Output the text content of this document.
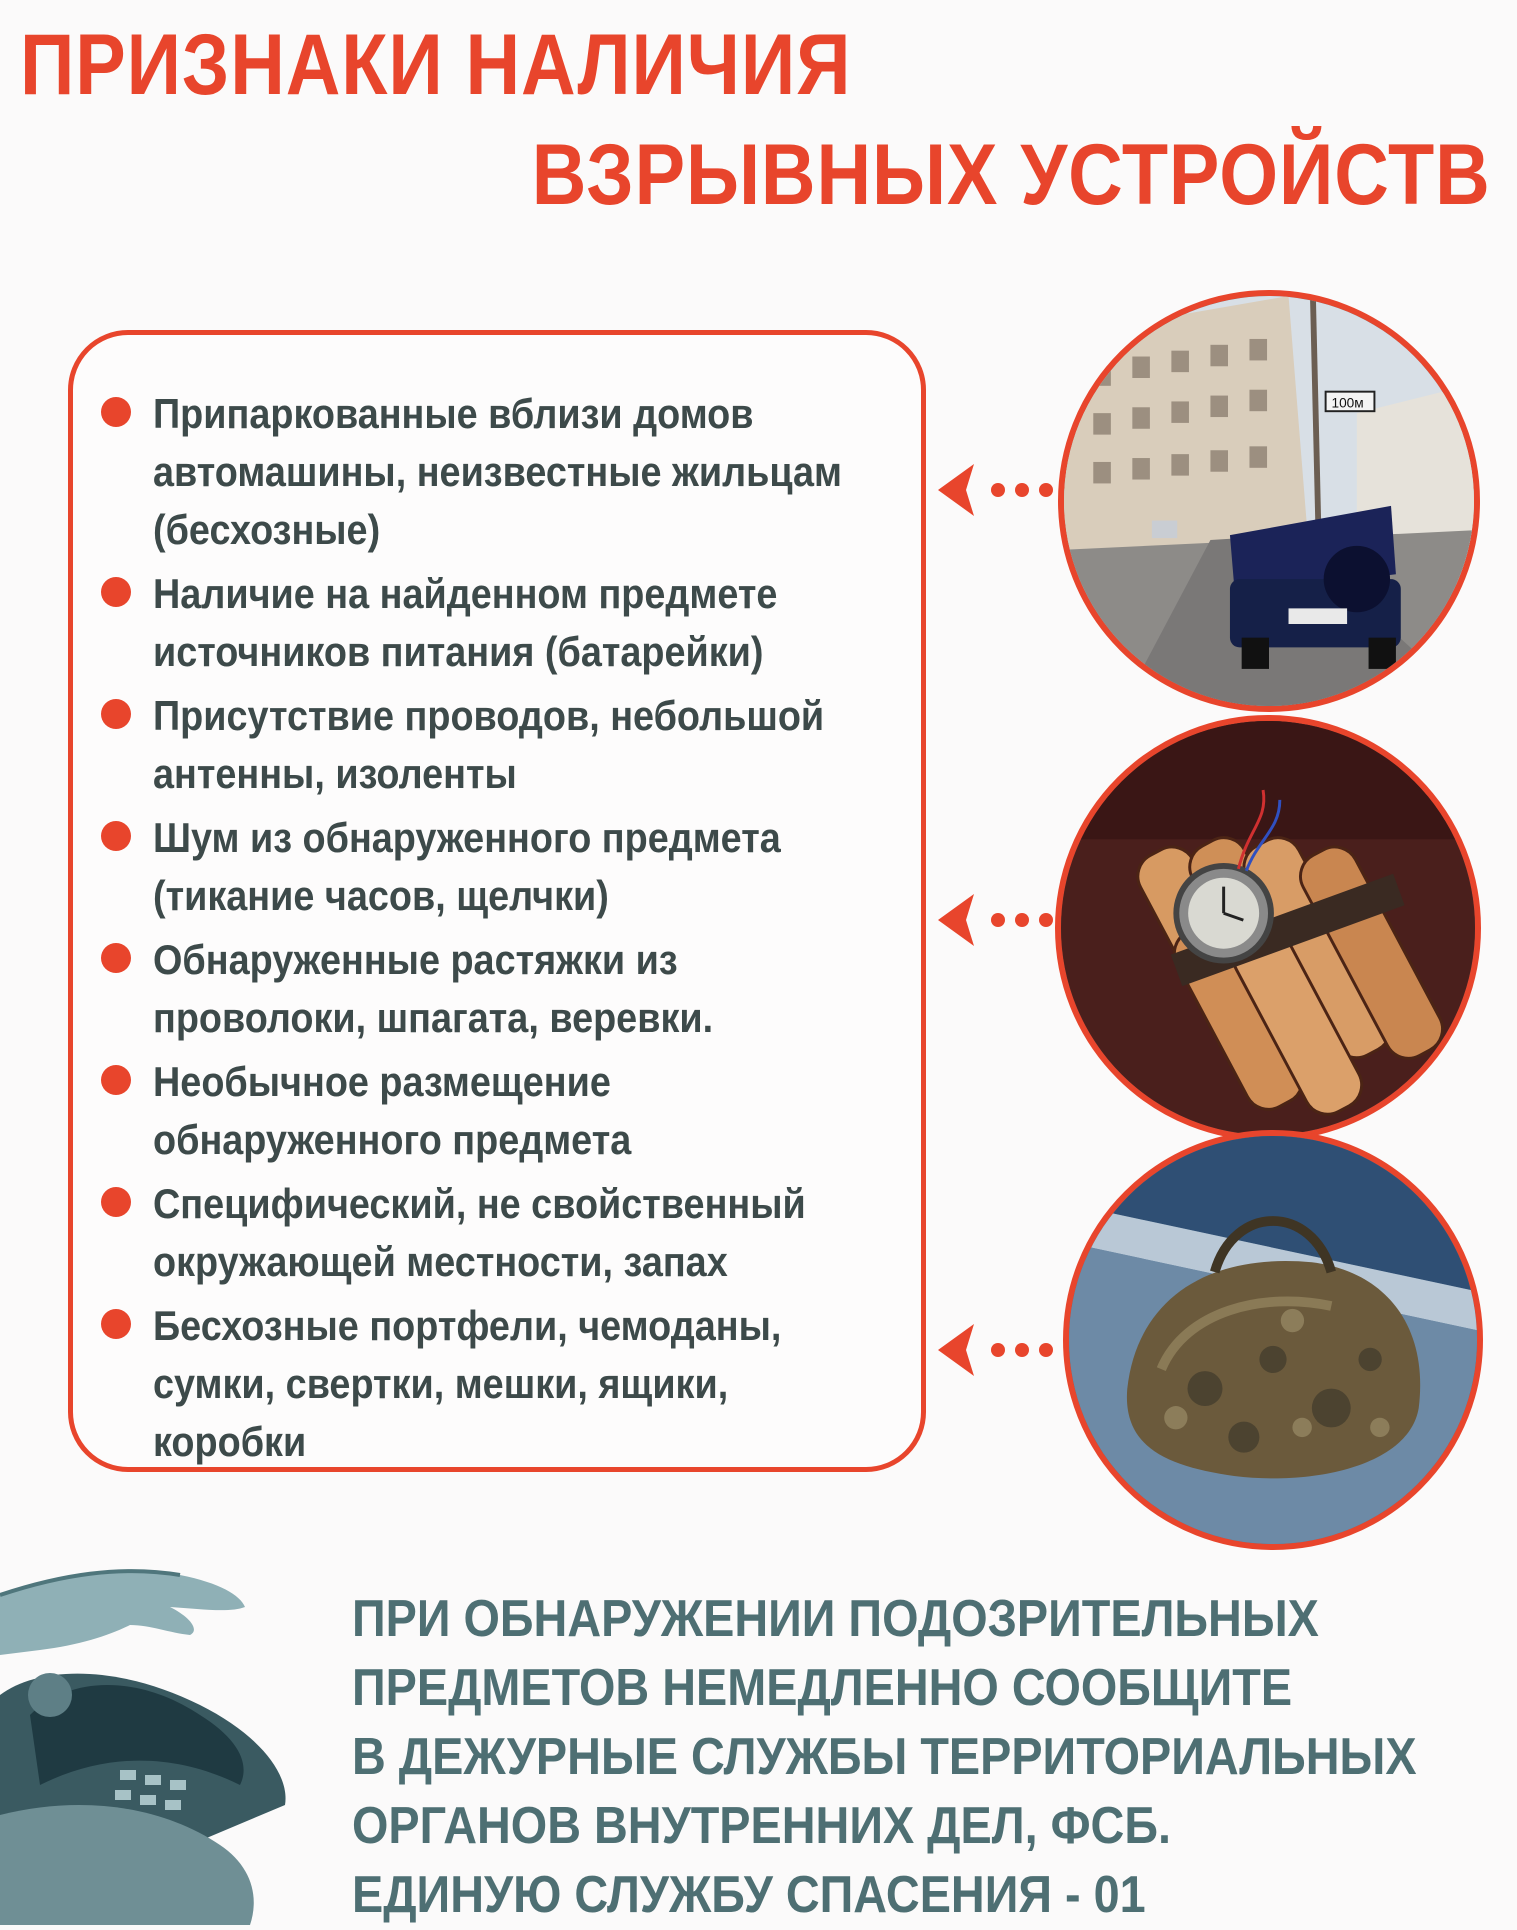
ПРИЗНАКИ НАЛИЧИЯ
ВЗРЫВНЫХ УСТРОЙСТВ
Припаркованные вблизи домов автомашины, неизвестные жильцам (бесхозные)
Наличие на найденном предмете источников питания (батарейки)
Присутствие проводов, небольшой антенны, изоленты
Шум из обнаруженного предмета (тикание часов, щелчки)
Обнаруженные растяжки из проволоки, шпагата, веревки.
Необычное размещение обнаруженного предмета
Специфический, не свойственный окружающей местности, запах
Бесхозные портфели, чемоданы, сумки, свертки, мешки, ящики, коробки
100м
ПРИ ОБНАРУЖЕНИИ ПОДОЗРИТЕЛЬНЫХ
ПРЕДМЕТОВ НЕМЕДЛЕННО СООБЩИТЕ
В ДЕЖУРНЫЕ СЛУЖБЫ ТЕРРИТОРИАЛЬНЫХ
ОРГАНОВ ВНУТРЕННИХ ДЕЛ, ФСБ.
ЕДИНУЮ СЛУЖБУ СПАСЕНИЯ - 01
